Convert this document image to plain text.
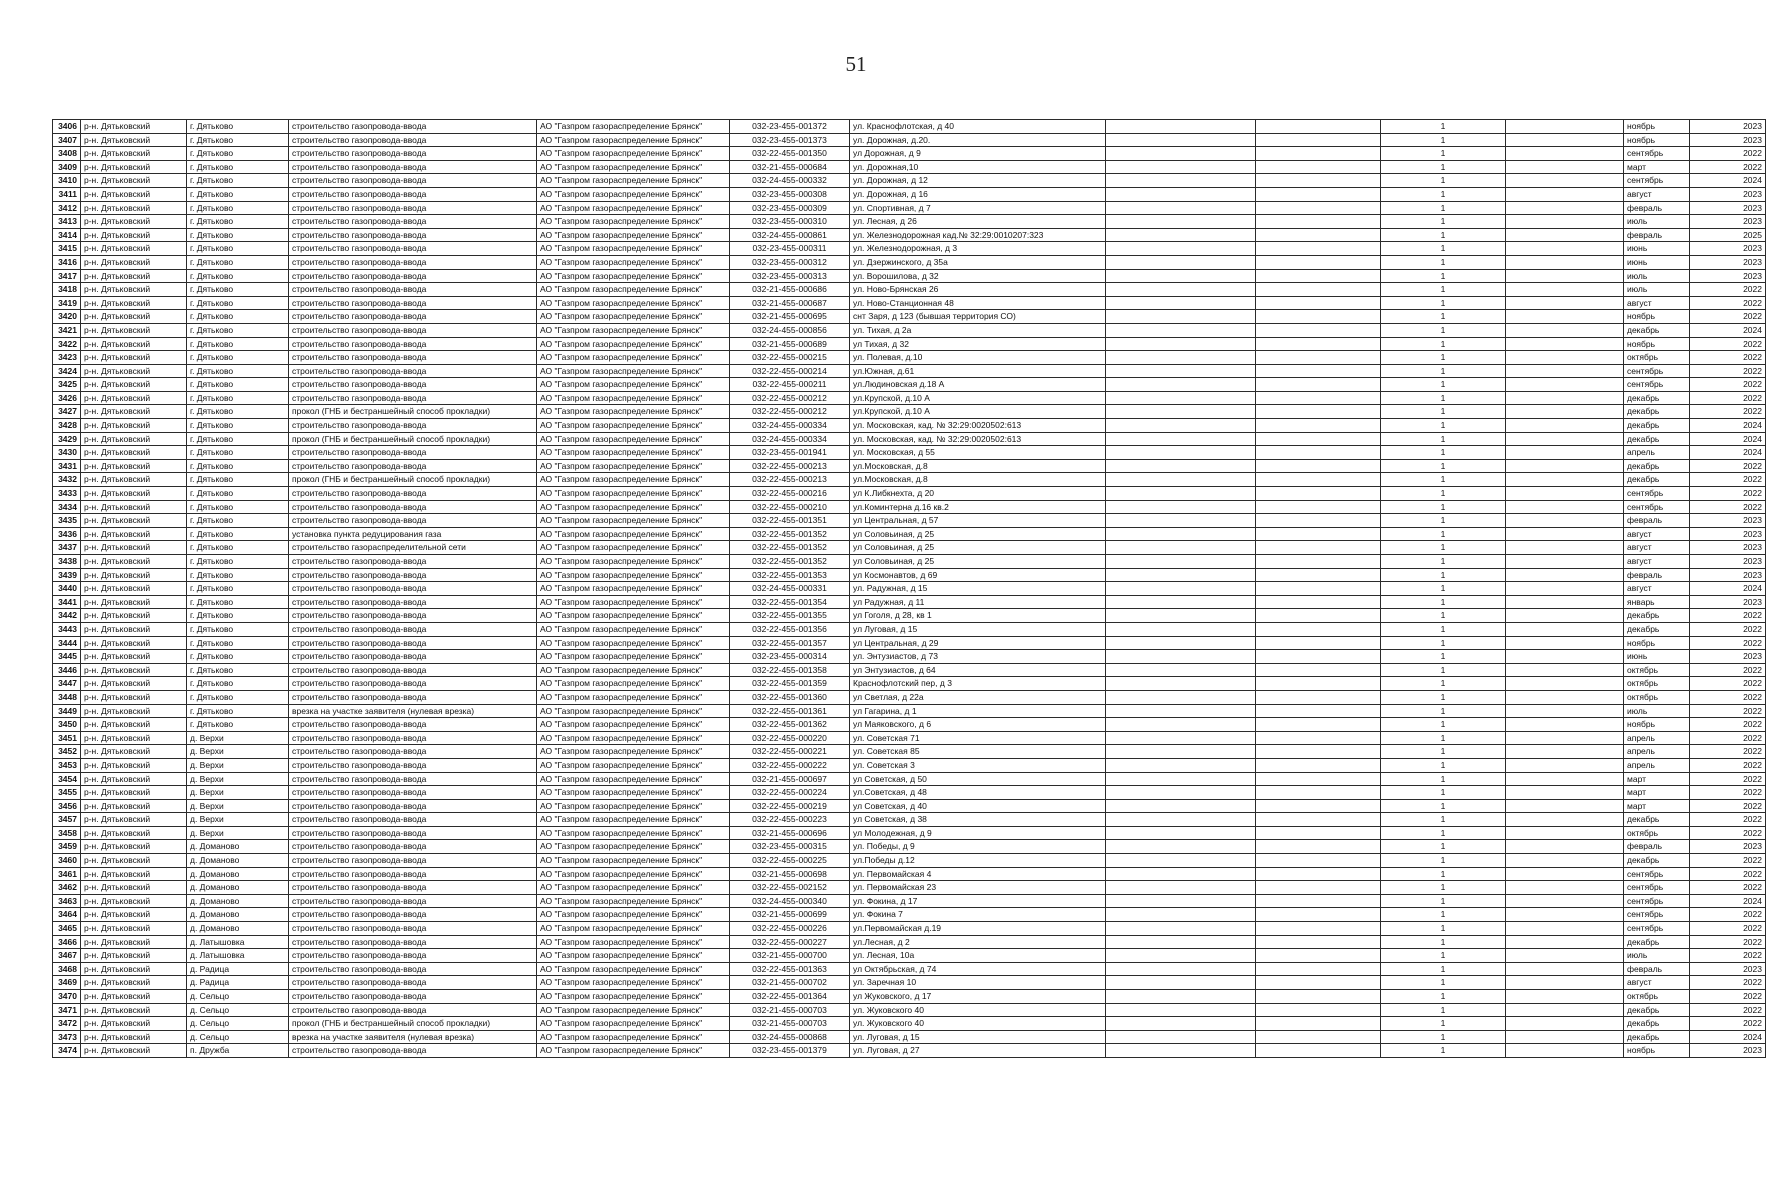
51
3406	р-н. Дятьковский	г. Дятьково	строительство газопровода-ввода	АО "Газпром газораспределение Брянск"	032-23-455-001372	ул. Краснофлотская, д 40			1		ноябрь	2023
3407	р-н. Дятьковский	г. Дятьково	строительство газопровода-ввода	АО "Газпром газораспределение Брянск"	032-23-455-001373	ул. Дорожная, д.20.			1		ноябрь	2023
3408	р-н. Дятьковский	г. Дятьково	строительство газопровода-ввода	АО "Газпром газораспределение Брянск"	032-22-455-001350	ул Дорожная, д 9			1		сентябрь	2022
3409	р-н. Дятьковский	г. Дятьково	строительство газопровода-ввода	АО "Газпром газораспределение Брянск"	032-21-455-000684	ул. Дорожная,10			1		март	2022
3410	р-н. Дятьковский	г. Дятьково	строительство газопровода-ввода	АО "Газпром газораспределение Брянск"	032-24-455-000332	ул. Дорожная, д 12			1		сентябрь	2024
3411	р-н. Дятьковский	г. Дятьково	строительство газопровода-ввода	АО "Газпром газораспределение Брянск"	032-23-455-000308	ул. Дорожная, д 16			1		август	2023
3412	р-н. Дятьковский	г. Дятьково	строительство газопровода-ввода	АО "Газпром газораспределение Брянск"	032-23-455-000309	ул. Спортивная, д 7			1		февраль	2023
3413	р-н. Дятьковский	г. Дятьково	строительство газопровода-ввода	АО "Газпром газораспределение Брянск"	032-23-455-000310	ул. Лесная, д 26			1		июль	2023
3414	р-н. Дятьковский	г. Дятьково	строительство газопровода-ввода	АО "Газпром газораспределение Брянск"	032-24-455-000861	ул. Железнодорожная кад.№ 32:29:0010207:323			1		февраль	2025
3415	р-н. Дятьковский	г. Дятьково	строительство газопровода-ввода	АО "Газпром газораспределение Брянск"	032-23-455-000311	ул. Железнодорожная, д 3			1		июнь	2023
3416	р-н. Дятьковский	г. Дятьково	строительство газопровода-ввода	АО "Газпром газораспределение Брянск"	032-23-455-000312	ул. Дзержинского, д 35а			1		июнь	2023
3417	р-н. Дятьковский	г. Дятьково	строительство газопровода-ввода	АО "Газпром газораспределение Брянск"	032-23-455-000313	ул. Ворошилова, д 32			1		июль	2023
3418	р-н. Дятьковский	г. Дятьково	строительство газопровода-ввода	АО "Газпром газораспределение Брянск"	032-21-455-000686	ул. Ново-Брянская 26			1		июль	2022
3419	р-н. Дятьковский	г. Дятьково	строительство газопровода-ввода	АО "Газпром газораспределение Брянск"	032-21-455-000687	ул. Ново-Станционная 48			1		август	2022
3420	р-н. Дятьковский	г. Дятьково	строительство газопровода-ввода	АО "Газпром газораспределение Брянск"	032-21-455-000695	снт Заря, д 123 (бывшая территория СО)			1		ноябрь	2022
3421	р-н. Дятьковский	г. Дятьково	строительство газопровода-ввода	АО "Газпром газораспределение Брянск"	032-24-455-000856	ул. Тихая, д 2а			1		декабрь	2024
3422	р-н. Дятьковский	г. Дятьково	строительство газопровода-ввода	АО "Газпром газораспределение Брянск"	032-21-455-000689	ул Тихая, д 32			1		ноябрь	2022
3423	р-н. Дятьковский	г. Дятьково	строительство газопровода-ввода	АО "Газпром газораспределение Брянск"	032-22-455-000215	ул. Полевая, д.10			1		октябрь	2022
3424	р-н. Дятьковский	г. Дятьково	строительство газопровода-ввода	АО "Газпром газораспределение Брянск"	032-22-455-000214	ул.Южная, д.61			1		сентябрь	2022
3425	р-н. Дятьковский	г. Дятьково	строительство газопровода-ввода	АО "Газпром газораспределение Брянск"	032-22-455-000211	ул.Людиновская д.18 А			1		сентябрь	2022
3426	р-н. Дятьковский	г. Дятьково	строительство газопровода-ввода	АО "Газпром газораспределение Брянск"	032-22-455-000212	ул.Крупской, д.10 А			1		декабрь	2022
3427	р-н. Дятьковский	г. Дятьково	прокол (ГНБ и бестраншейный способ прокладки)	АО "Газпром газораспределение Брянск"	032-22-455-000212	ул.Крупской, д.10 А			1		декабрь	2022
3428	р-н. Дятьковский	г. Дятьково	строительство газопровода-ввода	АО "Газпром газораспределение Брянск"	032-24-455-000334	ул. Московская, кад. № 32:29:0020502:613			1		декабрь	2024
3429	р-н. Дятьковский	г. Дятьково	прокол (ГНБ и бестраншейный способ прокладки)	АО "Газпром газораспределение Брянск"	032-24-455-000334	ул. Московская, кад. № 32:29:0020502:613			1		декабрь	2024
3430	р-н. Дятьковский	г. Дятьково	строительство газопровода-ввода	АО "Газпром газораспределение Брянск"	032-23-455-001941	ул. Московская, д 55			1		апрель	2024
3431	р-н. Дятьковский	г. Дятьково	строительство газопровода-ввода	АО "Газпром газораспределение Брянск"	032-22-455-000213	ул.Московская, д.8			1		декабрь	2022
3432	р-н. Дятьковский	г. Дятьково	прокол (ГНБ и бестраншейный способ прокладки)	АО "Газпром газораспределение Брянск"	032-22-455-000213	ул.Московская, д.8			1		декабрь	2022
3433	р-н. Дятьковский	г. Дятьково	строительство газопровода-ввода	АО "Газпром газораспределение Брянск"	032-22-455-000216	ул К.Либкнехта, д 20			1		сентябрь	2022
3434	р-н. Дятьковский	г. Дятьково	строительство газопровода-ввода	АО "Газпром газораспределение Брянск"	032-22-455-000210	ул.Коминтерна д.16 кв.2			1		сентябрь	2022
3435	р-н. Дятьковский	г. Дятьково	строительство газопровода-ввода	АО "Газпром газораспределение Брянск"	032-22-455-001351	ул Центральная, д 57			1		февраль	2023
3436	р-н. Дятьковский	г. Дятьково	установка пункта редуцирования газа	АО "Газпром газораспределение Брянск"	032-22-455-001352	ул Соловьиная, д 25			1		август	2023
3437	р-н. Дятьковский	г. Дятьково	строительство газораспределительной сети	АО "Газпром газораспределение Брянск"	032-22-455-001352	ул Соловьиная, д 25			1		август	2023
3438	р-н. Дятьковский	г. Дятьково	строительство газопровода-ввода	АО "Газпром газораспределение Брянск"	032-22-455-001352	ул Соловьиная, д 25			1		август	2023
3439	р-н. Дятьковский	г. Дятьково	строительство газопровода-ввода	АО "Газпром газораспределение Брянск"	032-22-455-001353	ул Космонавтов, д 69			1		февраль	2023
3440	р-н. Дятьковский	г. Дятьково	строительство газопровода-ввода	АО "Газпром газораспределение Брянск"	032-24-455-000331	ул. Радужная, д 15			1		август	2024
3441	р-н. Дятьковский	г. Дятьково	строительство газопровода-ввода	АО "Газпром газораспределение Брянск"	032-22-455-001354	ул Радужная, д 11			1		январь	2023
3442	р-н. Дятьковский	г. Дятьково	строительство газопровода-ввода	АО "Газпром газораспределение Брянск"	032-22-455-001355	ул Гоголя, д 28, кв 1			1		декабрь	2022
3443	р-н. Дятьковский	г. Дятьково	строительство газопровода-ввода	АО "Газпром газораспределение Брянск"	032-22-455-001356	ул Луговая, д 15			1		декабрь	2022
3444	р-н. Дятьковский	г. Дятьково	строительство газопровода-ввода	АО "Газпром газораспределение Брянск"	032-22-455-001357	ул Центральная, д 29			1		ноябрь	2022
3445	р-н. Дятьковский	г. Дятьково	строительство газопровода-ввода	АО "Газпром газораспределение Брянск"	032-23-455-000314	ул. Энтузиастов, д 73			1		июнь	2023
3446	р-н. Дятьковский	г. Дятьково	строительство газопровода-ввода	АО "Газпром газораспределение Брянск"	032-22-455-001358	ул Энтузиастов, д 64			1		октябрь	2022
3447	р-н. Дятьковский	г. Дятьково	строительство газопровода-ввода	АО "Газпром газораспределение Брянск"	032-22-455-001359	Краснофлотский пер, д 3			1		октябрь	2022
3448	р-н. Дятьковский	г. Дятьково	строительство газопровода-ввода	АО "Газпром газораспределение Брянск"	032-22-455-001360	ул Светлая, д 22а			1		октябрь	2022
3449	р-н. Дятьковский	г. Дятьково	врезка на участке заявителя (нулевая врезка)	АО "Газпром газораспределение Брянск"	032-22-455-001361	ул Гагарина, д 1			1		июль	2022
3450	р-н. Дятьковский	г. Дятьково	строительство газопровода-ввода	АО "Газпром газораспределение Брянск"	032-22-455-001362	ул Маяковского, д 6			1		ноябрь	2022
3451	р-н. Дятьковский	д. Верхи	строительство газопровода-ввода	АО "Газпром газораспределение Брянск"	032-22-455-000220	ул. Советская 71			1		апрель	2022
3452	р-н. Дятьковский	д. Верхи	строительство газопровода-ввода	АО "Газпром газораспределение Брянск"	032-22-455-000221	ул. Советская 85			1		апрель	2022
3453	р-н. Дятьковский	д. Верхи	строительство газопровода-ввода	АО "Газпром газораспределение Брянск"	032-22-455-000222	ул. Советская 3			1		апрель	2022
3454	р-н. Дятьковский	д. Верхи	строительство газопровода-ввода	АО "Газпром газораспределение Брянск"	032-21-455-000697	ул Советская, д 50			1		март	2022
3455	р-н. Дятьковский	д. Верхи	строительство газопровода-ввода	АО "Газпром газораспределение Брянск"	032-22-455-000224	ул.Советская, д 48			1		март	2022
3456	р-н. Дятьковский	д. Верхи	строительство газопровода-ввода	АО "Газпром газораспределение Брянск"	032-22-455-000219	ул Советская, д 40			1		март	2022
3457	р-н. Дятьковский	д. Верхи	строительство газопровода-ввода	АО "Газпром газораспределение Брянск"	032-22-455-000223	ул Советская, д 38			1		декабрь	2022
3458	р-н. Дятьковский	д. Верхи	строительство газопровода-ввода	АО "Газпром газораспределение Брянск"	032-21-455-000696	ул Молодежная, д 9			1		октябрь	2022
3459	р-н. Дятьковский	д. Доманово	строительство газопровода-ввода	АО "Газпром газораспределение Брянск"	032-23-455-000315	ул. Победы, д 9			1		февраль	2023
3460	р-н. Дятьковский	д. Доманово	строительство газопровода-ввода	АО "Газпром газораспределение Брянск"	032-22-455-000225	ул.Победы д.12			1		декабрь	2022
3461	р-н. Дятьковский	д. Доманово	строительство газопровода-ввода	АО "Газпром газораспределение Брянск"	032-21-455-000698	ул. Первомайская 4			1		сентябрь	2022
3462	р-н. Дятьковский	д. Доманово	строительство газопровода-ввода	АО "Газпром газораспределение Брянск"	032-22-455-002152	ул. Первомайская 23			1		сентябрь	2022
3463	р-н. Дятьковский	д. Доманово	строительство газопровода-ввода	АО "Газпром газораспределение Брянск"	032-24-455-000340	ул. Фокина, д 17			1		сентябрь	2024
3464	р-н. Дятьковский	д. Доманово	строительство газопровода-ввода	АО "Газпром газораспределение Брянск"	032-21-455-000699	ул. Фокина 7			1		сентябрь	2022
3465	р-н. Дятьковский	д. Доманово	строительство газопровода-ввода	АО "Газпром газораспределение Брянск"	032-22-455-000226	ул.Первомайская д.19			1		сентябрь	2022
3466	р-н. Дятьковский	д. Латышовка	строительство газопровода-ввода	АО "Газпром газораспределение Брянск"	032-22-455-000227	ул.Лесная, д 2			1		декабрь	2022
3467	р-н. Дятьковский	д. Латышовка	строительство газопровода-ввода	АО "Газпром газораспределение Брянск"	032-21-455-000700	ул. Лесная, 10а			1		июль	2022
3468	р-н. Дятьковский	д. Радица	строительство газопровода-ввода	АО "Газпром газораспределение Брянск"	032-22-455-001363	ул Октябрьская, д 74			1		февраль	2023
3469	р-н. Дятьковский	д. Радица	строительство газопровода-ввода	АО "Газпром газораспределение Брянск"	032-21-455-000702	ул. Заречная 10			1		август	2022
3470	р-н. Дятьковский	д. Сельцо	строительство газопровода-ввода	АО "Газпром газораспределение Брянск"	032-22-455-001364	ул Жуковского, д 17			1		октябрь	2022
3471	р-н. Дятьковский	д. Сельцо	строительство газопровода-ввода	АО "Газпром газораспределение Брянск"	032-21-455-000703	ул. Жуковского 40			1		декабрь	2022
3472	р-н. Дятьковский	д. Сельцо	прокол (ГНБ и бестраншейный способ прокладки)	АО "Газпром газораспределение Брянск"	032-21-455-000703	ул. Жуковского 40			1		декабрь	2022
3473	р-н. Дятьковский	д. Сельцо	врезка на участке заявителя (нулевая врезка)	АО "Газпром газораспределение Брянск"	032-24-455-000868	ул. Луговая, д 15			1		декабрь	2024
3474	р-н. Дятьковский	п. Дружба	строительство газопровода-ввода	АО "Газпром газораспределение Брянск"	032-23-455-001379	ул. Луговая, д 27			1		ноябрь	2023
